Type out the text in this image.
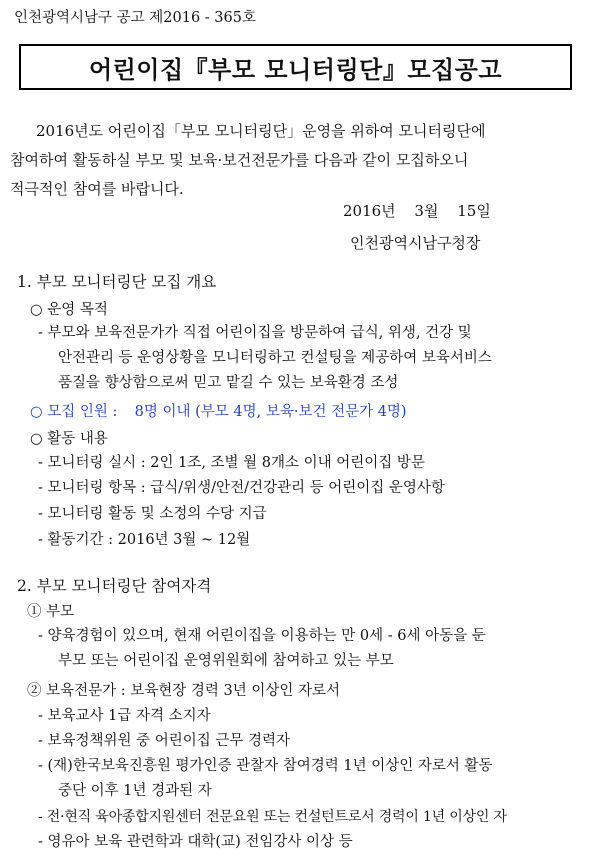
인천광역시남구 공고 제2016 - 365호
어린이집『부모 모니터링단』모집공고
2016년도 어린이집「부모 모니터링단」운영을 위하여 모니터링단에
참여하여 활동하실 부모 및 보육·보건전문가를 다음과 같이 모집하오니
적극적인 참여를 바랍니다.
2016년 3월 15일
인천광역시남구청장
1. 부모 모니터링단 모집 개요
○ 운영 목적
- 부모와 보육전문가가 직접 어린이집을 방문하여 급식, 위생, 건강 및
안전관리 등 운영상황을 모니터링하고 컨설팅을 제공하여 보육서비스
품질을 향상함으로써 믿고 맡길 수 있는 보육환경 조성
○ 모집 인원 : 8명 이내 (부모 4명, 보육·보건 전문가 4명)
○ 활동 내용
- 모니터링 실시 : 2인 1조, 조별 월 8개소 이내 어린이집 방문
- 모니터링 항목 : 급식/위생/안전/건강관리 등 어린이집 운영사항
- 모니터링 활동 및 소정의 수당 지급
- 활동기간 : 2016년 3월 ~ 12월
2. 부모 모니터링단 참여자격
① 부모
- 양육경험이 있으며, 현재 어린이집을 이용하는 만 0세 - 6세 아동을 둔
부모 또는 어린이집 운영위원회에 참여하고 있는 부모
② 보육전문가 : 보육현장 경력 3년 이상인 자로서
- 보육교사 1급 자격 소지자
- 보육정책위원 중 어린이집 근무 경력자
- (재)한국보육진흥원 평가인증 관찰자 참여경력 1년 이상인 자로서 활동
중단 이후 1년 경과된 자
- 전·현직 육아종합지원센터 전문요원 또는 컨설턴트로서 경력이 1년 이상인 자
- 영유아 보육 관련학과 대학(교) 전임강사 이상 등
